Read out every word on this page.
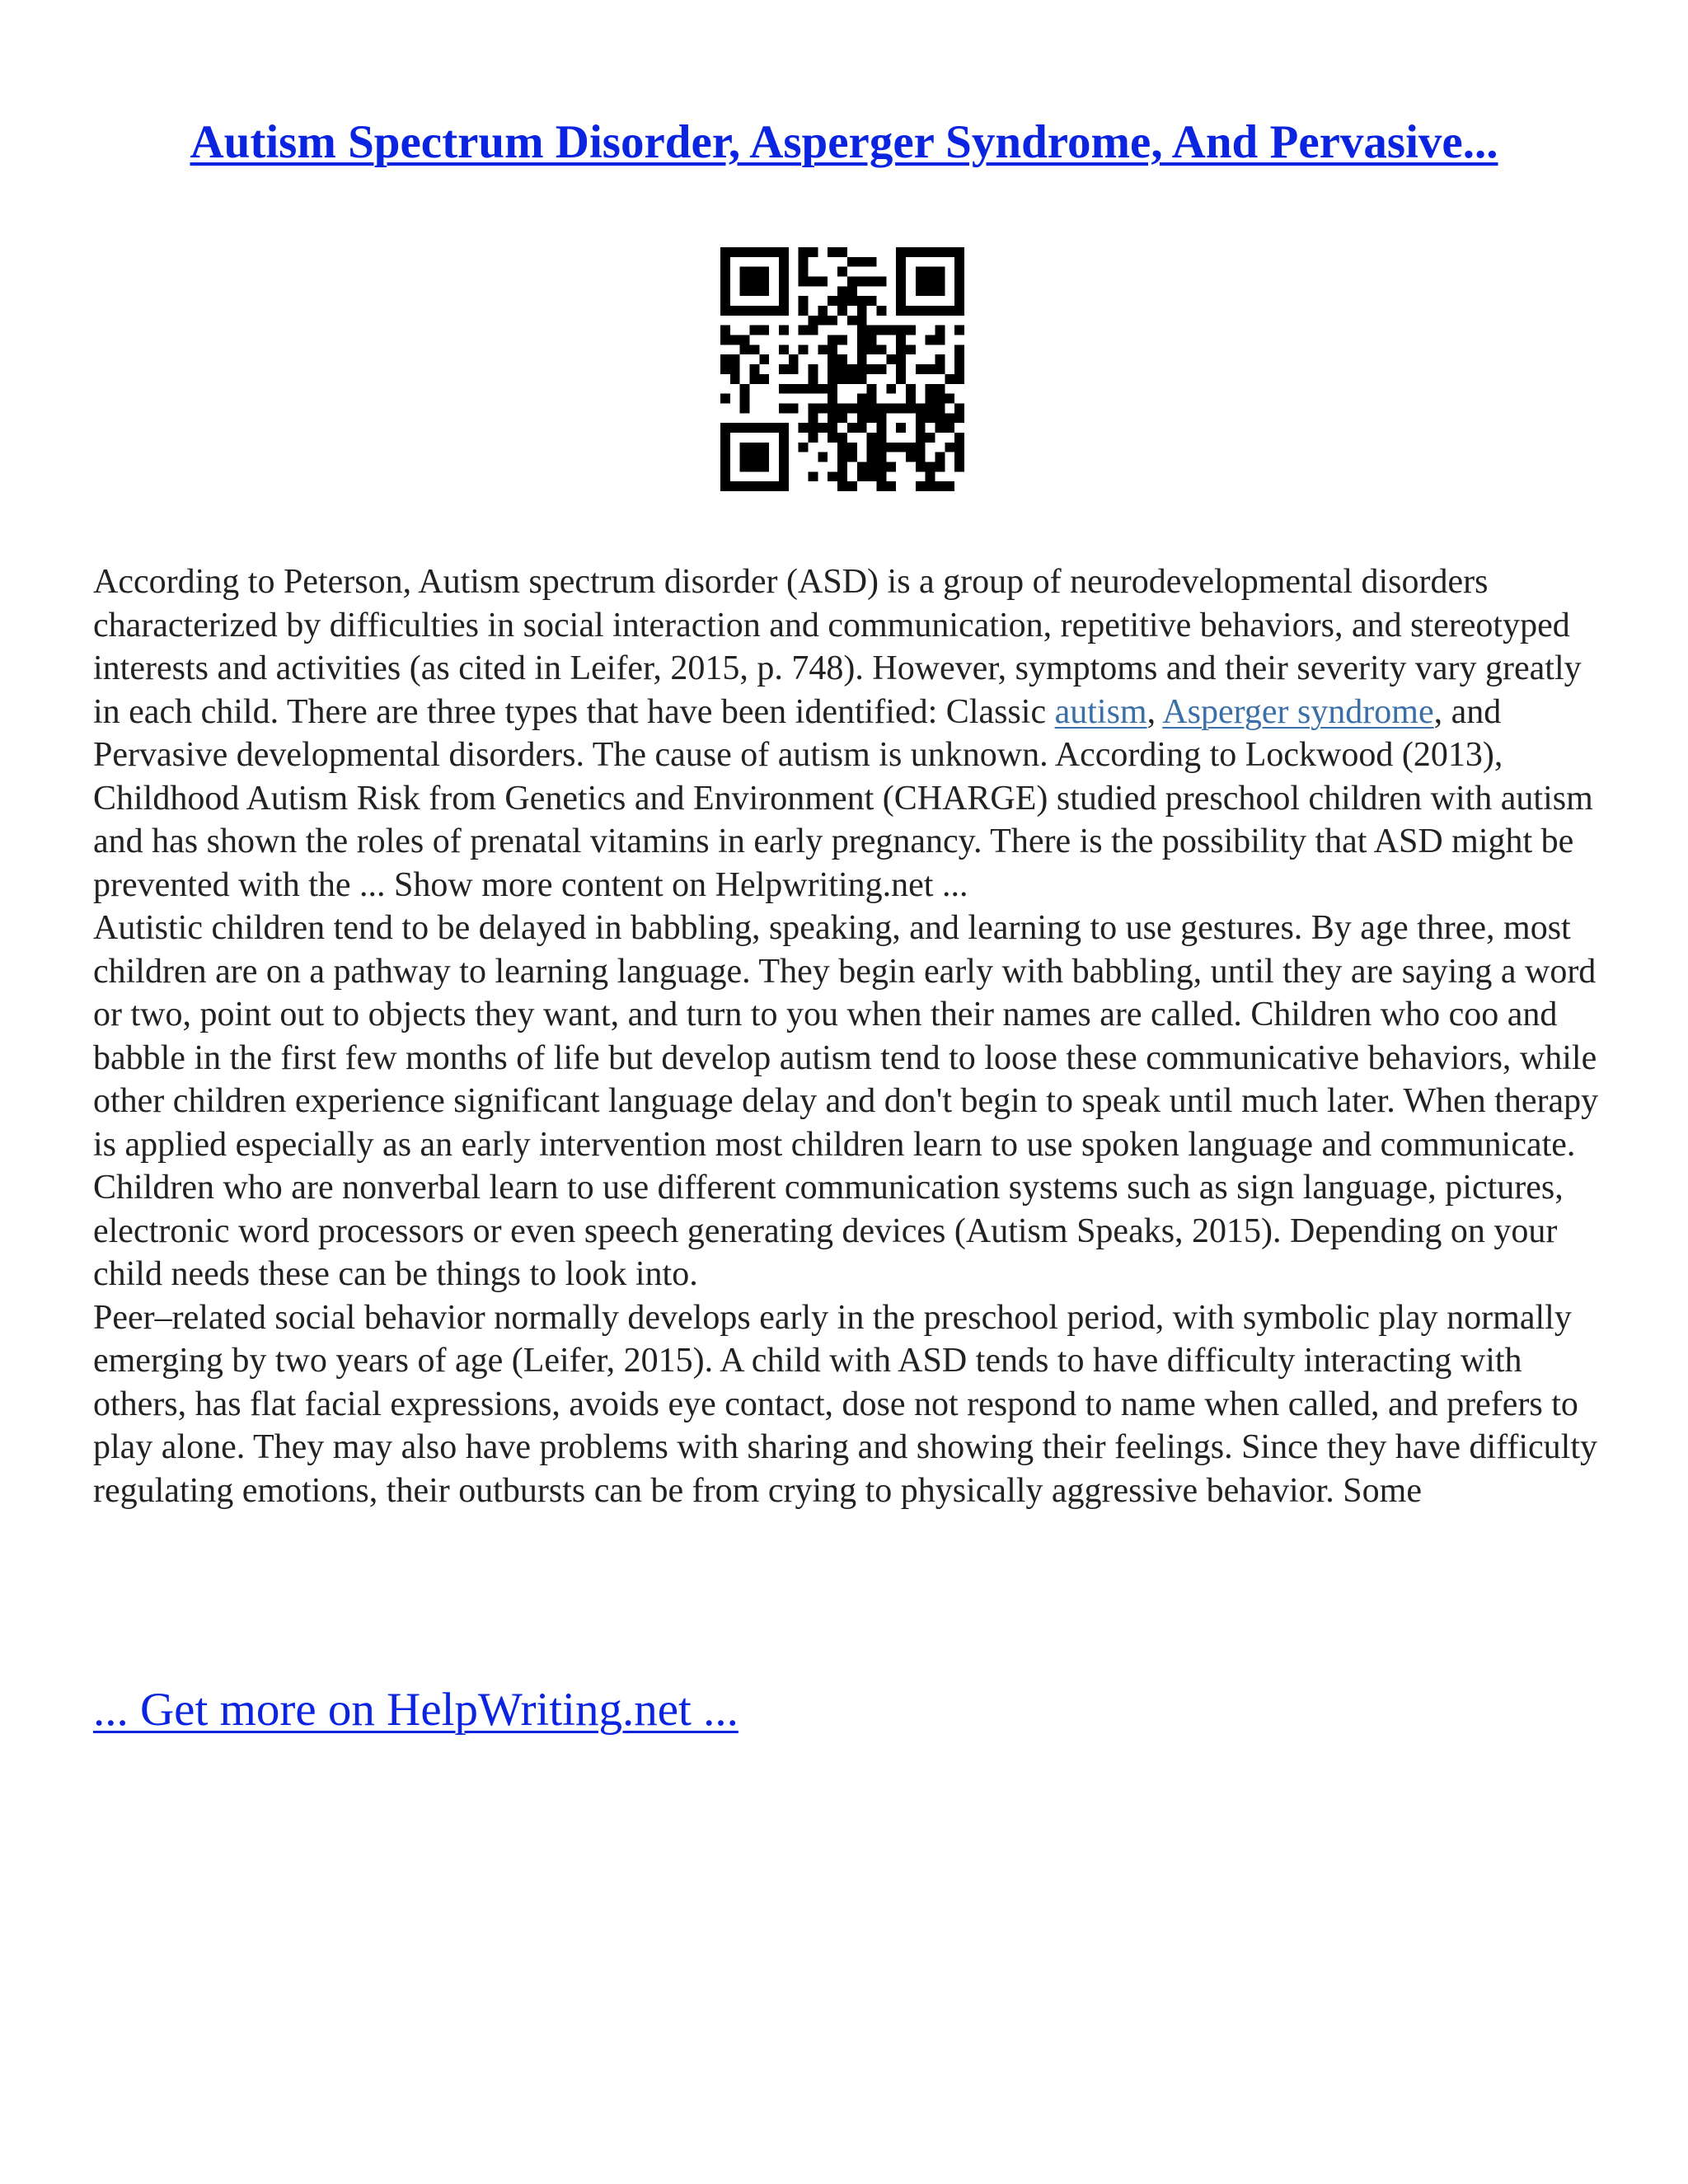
Autism Spectrum Disorder, Asperger Syndrome, And Pervasive...

According to Peterson, Autism spectrum disorder (ASD) is a group of neurodevelopmental disorders characterized by difficulties in social interaction and communication, repetitive behaviors, and stereotyped interests and activities (as cited in Leifer, 2015, p. 748). However, symptoms and their severity vary greatly in each child. There are three types that have been identified: Classic autism, Asperger syndrome, and Pervasive developmental disorders. The cause of autism is unknown. According to Lockwood (2013), Childhood Autism Risk from Genetics and Environment (CHARGE) studied preschool children with autism and has shown the roles of prenatal vitamins in early pregnancy. There is the possibility that ASD might be prevented with the ... Show more content on Helpwriting.net ...

Autistic children tend to be delayed in babbling, speaking, and learning to use gestures. By age three, most children are on a pathway to learning language. They begin early with babbling, until they are saying a word or two, point out to objects they want, and turn to you when their names are called. Children who coo and babble in the first few months of life but develop autism tend to loose these communicative behaviors, while other children experience significant language delay and don't begin to speak until much later. When therapy is applied especially as an early intervention most children learn to use spoken language and communicate. Children who are nonverbal learn to use different communication systems such as sign language, pictures, electronic word processors or even speech generating devices (Autism Speaks, 2015). Depending on your child needs these can be things to look into.

Peer–related social behavior normally develops early in the preschool period, with symbolic play normally emerging by two years of age (Leifer, 2015). A child with ASD tends to have difficulty interacting with others, has flat facial expressions, avoids eye contact, dose not respond to name when called, and prefers to play alone. They may also have problems with sharing and showing their feelings. Since they have difficulty regulating emotions, their outbursts can be from crying to physically aggressive behavior. Some

... Get more on HelpWriting.net ...
